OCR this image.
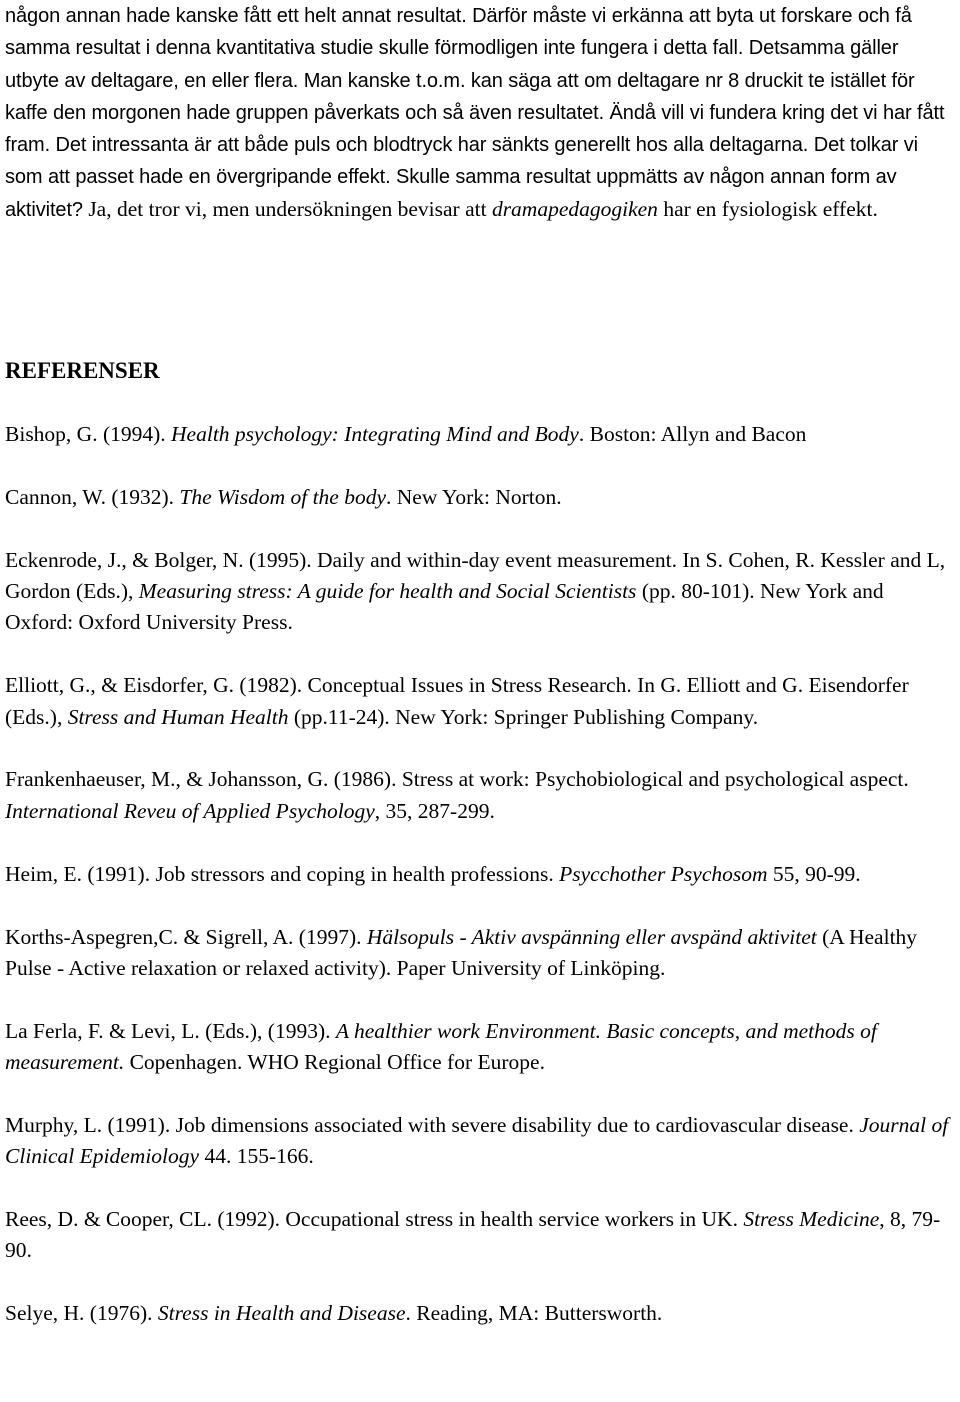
någon annan hade kanske fått ett helt annat resultat. Därför måste vi erkänna att byta ut forskare och få samma resultat i denna kvantitativa studie skulle förmodligen inte fungera i detta fall. Detsamma gäller utbyte av deltagare, en eller flera. Man kanske t.o.m. kan säga att om deltagare nr 8 druckit te istället för kaffe den morgonen hade gruppen påverkats och så även resultatet. Ändå vill vi fundera kring det vi har fått fram. Det intressanta är att både puls och blodtryck har sänkts generellt hos alla deltagarna. Det tolkar vi som att passet hade en övergripande effekt. Skulle samma resultat uppmätts av någon annan form av aktivitet? Ja, det tror vi, men undersökningen bevisar att dramapedagogiken har en fysiologisk effekt.

REFERENSER
Bishop, G. (1994). Health psychology: Integrating Mind and Body. Boston: Allyn and Bacon
Cannon, W. (1932). The Wisdom of the body. New York: Norton.
Eckenrode, J., & Bolger, N. (1995). Daily and within-day event measurement. In S. Cohen, R. Kessler and L, Gordon (Eds.), Measuring stress: A guide for health and Social Scientists (pp. 80-101). New York and Oxford: Oxford University Press.
Elliott, G., & Eisdorfer, G. (1982). Conceptual Issues in Stress Research. In G. Elliott and G. Eisendorfer (Eds.), Stress and Human Health (pp.11-24). New York: Springer Publishing Company.
Frankenhaeuser, M., & Johansson, G. (1986). Stress at work: Psychobiological and psychological aspect. International Reveu of Applied Psychology, 35, 287-299.
Heim, E. (1991). Job stressors and coping in health professions. Psycchother Psychosom 55, 90-99.
Korths-Aspegren,C. & Sigrell, A. (1997). Hälsopuls - Aktiv avspänning eller avspänd aktivitet (A Healthy Pulse - Active relaxation or relaxed activity). Paper University of Linköping.
La Ferla, F. & Levi, L. (Eds.), (1993). A healthier work Environment. Basic concepts, and methods of measurement. Copenhagen. WHO Regional Office for Europe.
Murphy, L. (1991). Job dimensions associated with severe disability due to cardiovascular disease. Journal of Clinical Epidemiology 44. 155-166.
Rees, D. & Cooper, CL. (1992). Occupational stress in health service workers in UK. Stress Medicine, 8, 79-90.
Selye, H. (1976). Stress in Health and Disease. Reading, MA: Buttersworth.
